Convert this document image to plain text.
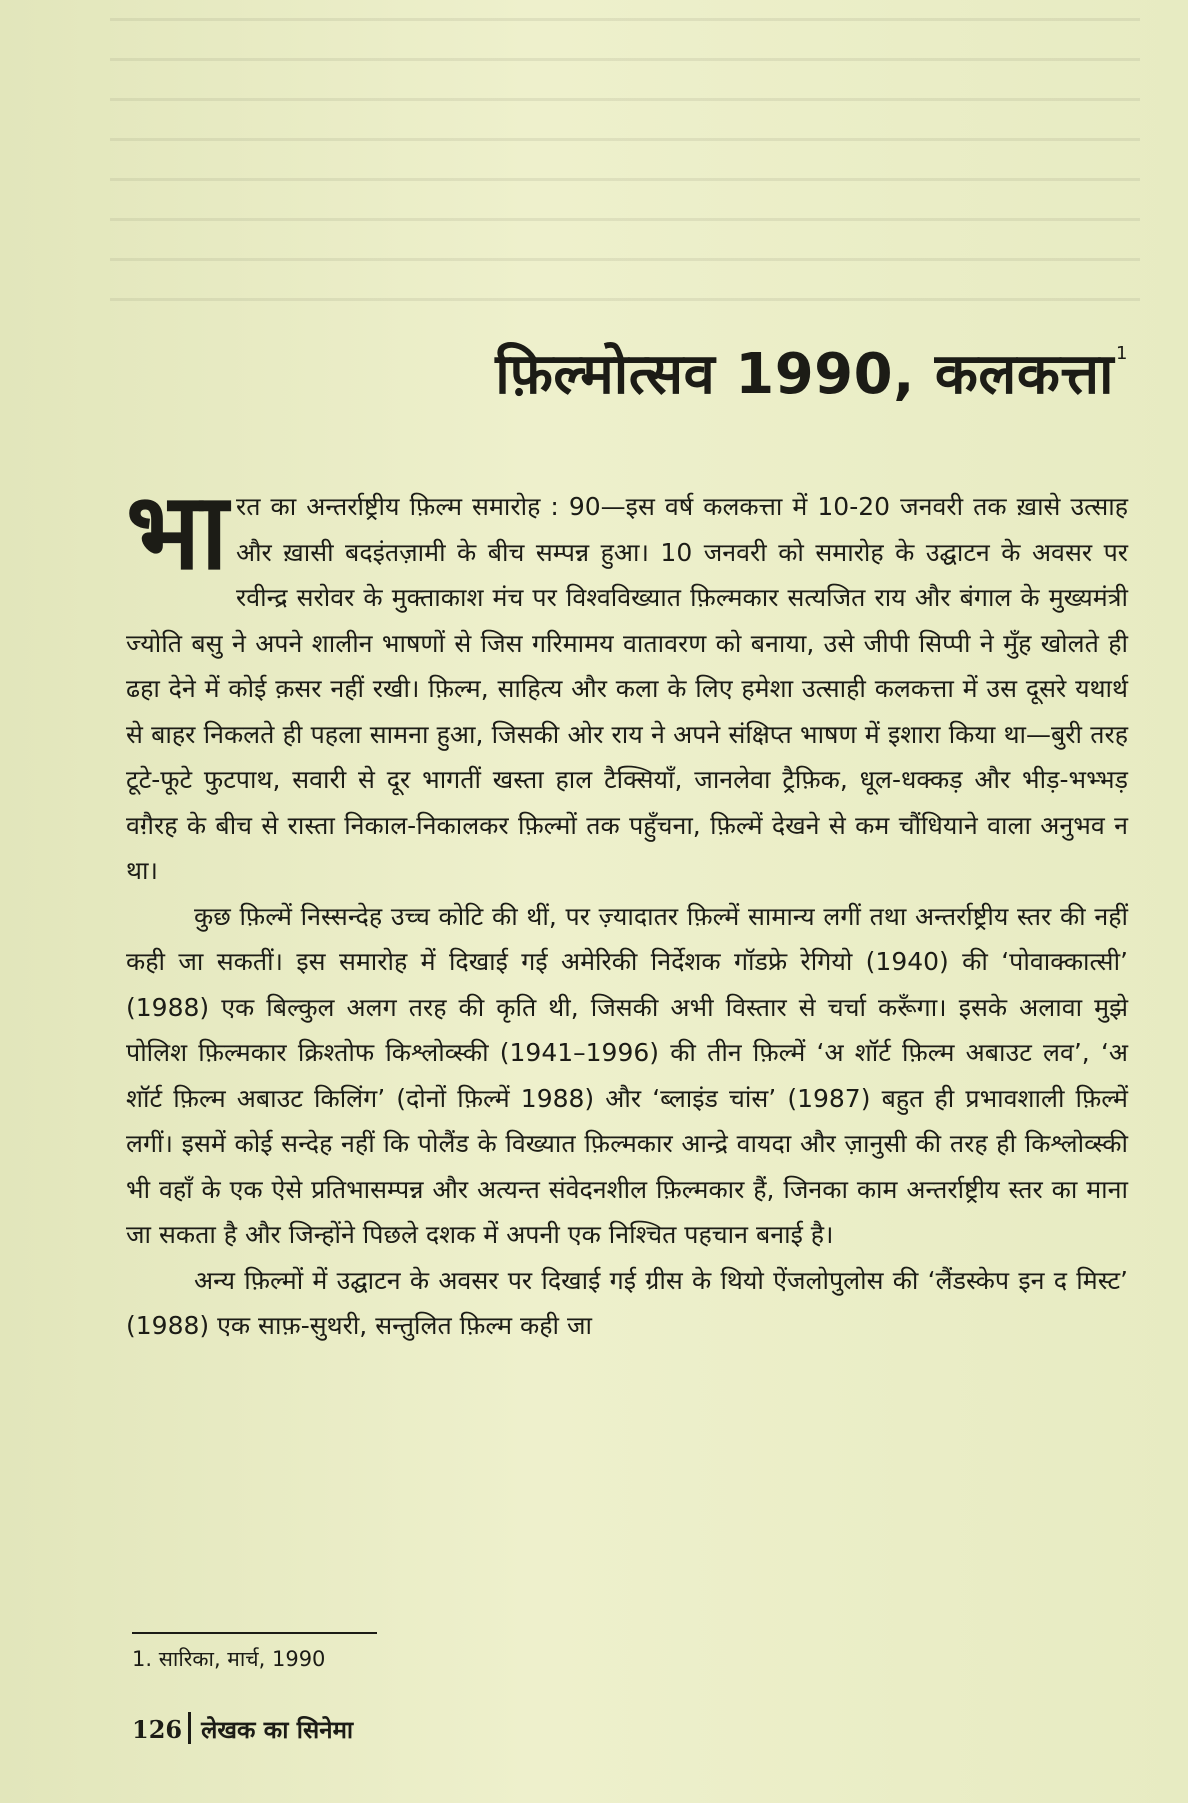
फ़िल्मोत्सव 1990, कलकत्ता $^1$

भारत का अन्तर्राष्ट्रीय फ़िल्म समारोह : 90—इस वर्ष कलकत्ता में 10-20 जनवरी तक ख़ासे उत्साह और ख़ासी बदइंतज़ामी के बीच सम्पन्न हुआ। 10 जनवरी को समारोह के उद्घाटन के अवसर पर रवीन्द्र सरोवर के मुक्ताकाश मंच पर विश्वविख्यात फ़िल्मकार सत्यजित राय और बंगाल के मुख्यमंत्री ज्योति बसु ने अपने शालीन भाषणों से जिस गरिमामय वातावरण को बनाया, उसे जीपी सिप्पी ने मुँह खोलते ही ढहा देने में कोई क़सर नहीं रखी। फ़िल्म, साहित्य और कला के लिए हमेशा उत्साही कलकत्ता में उस दूसरे यथार्थ से बाहर निकलते ही पहला सामना हुआ, जिसकी ओर राय ने अपने संक्षिप्त भाषण में इशारा किया था—बुरी तरह टूटे-फूटे फुटपाथ, सवारी से दूर भागतीं खस्ता हाल टैक्सियाँ, जानलेवा ट्रैफ़िक, धूल-धक्कड़ और भीड़-भभ्भड़ वग़ैरह के बीच से रास्ता निकाल-निकालकर फ़िल्मों तक पहुँचना, फ़िल्में देखने से कम चौंधियाने वाला अनुभव न था।

कुछ फ़िल्में निस्सन्देह उच्च कोटि की थीं, पर ज़्यादातर फ़िल्में सामान्य लगीं तथा अन्तर्राष्ट्रीय स्तर की नहीं कही जा सकतीं। इस समारोह में दिखाई गई अमेरिकी निर्देशक गॉडफ्रे रेगियो (1940) की ‘पोवाक्कात्सी’ (1988) एक बिल्कुल अलग तरह की कृति थी, जिसकी अभी विस्तार से चर्चा करूँगा। इसके अलावा मुझे पोलिश फ़िल्मकार क्रिश्तोफ किश्लोव्स्की (1941–1996) की तीन फ़िल्में ‘अ शॉर्ट फ़िल्म अबाउट लव’, ‘अ शॉर्ट फ़िल्म अबाउट किलिंग’ (दोनों फ़िल्में 1988) और ‘ब्लाइंड चांस’ (1987) बहुत ही प्रभावशाली फ़िल्में लगीं। इसमें कोई सन्देह नहीं कि पोलैंड के विख्यात फ़िल्मकार आन्द्रे वायदा और ज़ानुसी की तरह ही किश्लोव्स्की भी वहाँ के एक ऐसे प्रतिभासम्पन्न और अत्यन्त संवेदनशील फ़िल्मकार हैं, जिनका काम अन्तर्राष्ट्रीय स्तर का माना जा सकता है और जिन्होंने पिछले दशक में अपनी एक निश्चित पहचान बनाई है।

अन्य फ़िल्मों में उद्घाटन के अवसर पर दिखाई गई ग्रीस के थियो ऐंजलोपुलोस की ‘लैंडस्केप इन द मिस्ट’ (1988) एक साफ़-सुथरी, सन्तुलित फ़िल्म कही जा

1. सारिका, मार्च, 1990
126 लेखक का सिनेमा
